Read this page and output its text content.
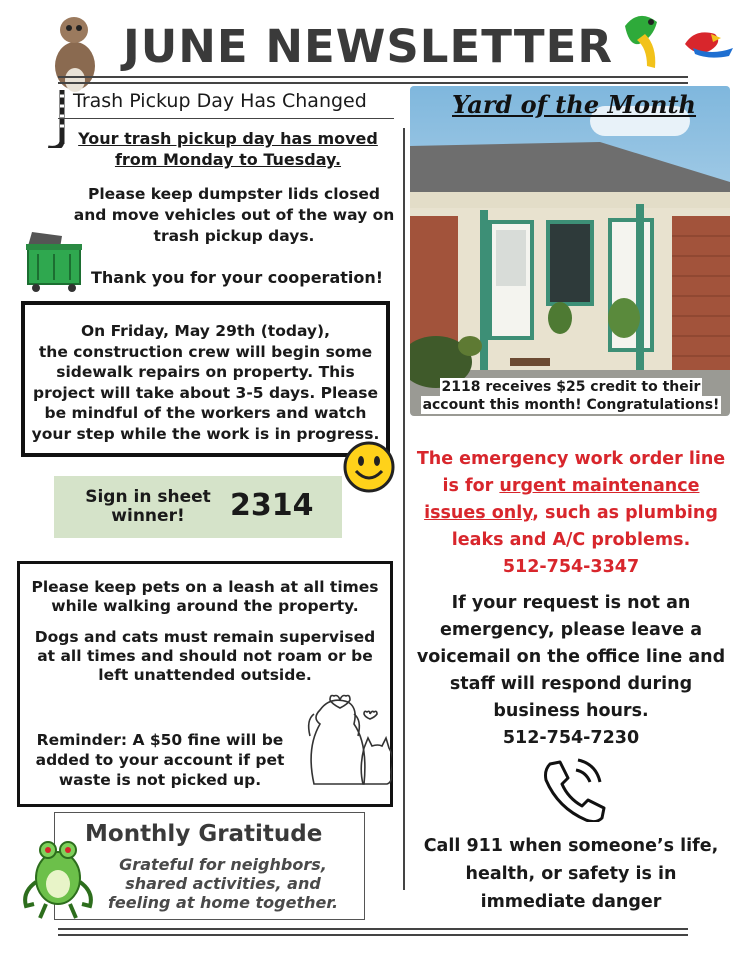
JUNE NEWSLETTER
Trash Pickup Day Has Changed
Your trash pickup day has moved
from Monday to Tuesday.
Please keep dumpster lids closed
and move vehicles out of the way on
trash pickup days.
Thank you for your cooperation!
On Friday, May 29th (today),
the construction crew will begin some
sidewalk repairs on property. This
project will take about 3-5 days. Please
be mindful of the workers and watch
your step while the work is in progress.
Sign in sheet
winner!	2314
Please keep pets on a leash at all times
while walking around the property.
Dogs and cats must remain supervised
at all times and should not roam or be
left unattended outside.
Reminder: A $50 fine will be
added to your account if pet
waste is not picked up.
Monthly Gratitude
Grateful for neighbors,
shared activities, and
feeling at home together.
Yard of the Month
2118 receives $25 credit to their
account this month! Congratulations!
The emergency work order line
is for urgent maintenance
issues only, such as plumbing
leaks and A/C problems.
512-754-3347
If your request is not an
emergency, please leave a
voicemail on the office line and
staff will respond during
business hours.
512-754-7230
Call 911 when someone’s life,
health, or safety is in
immediate danger
